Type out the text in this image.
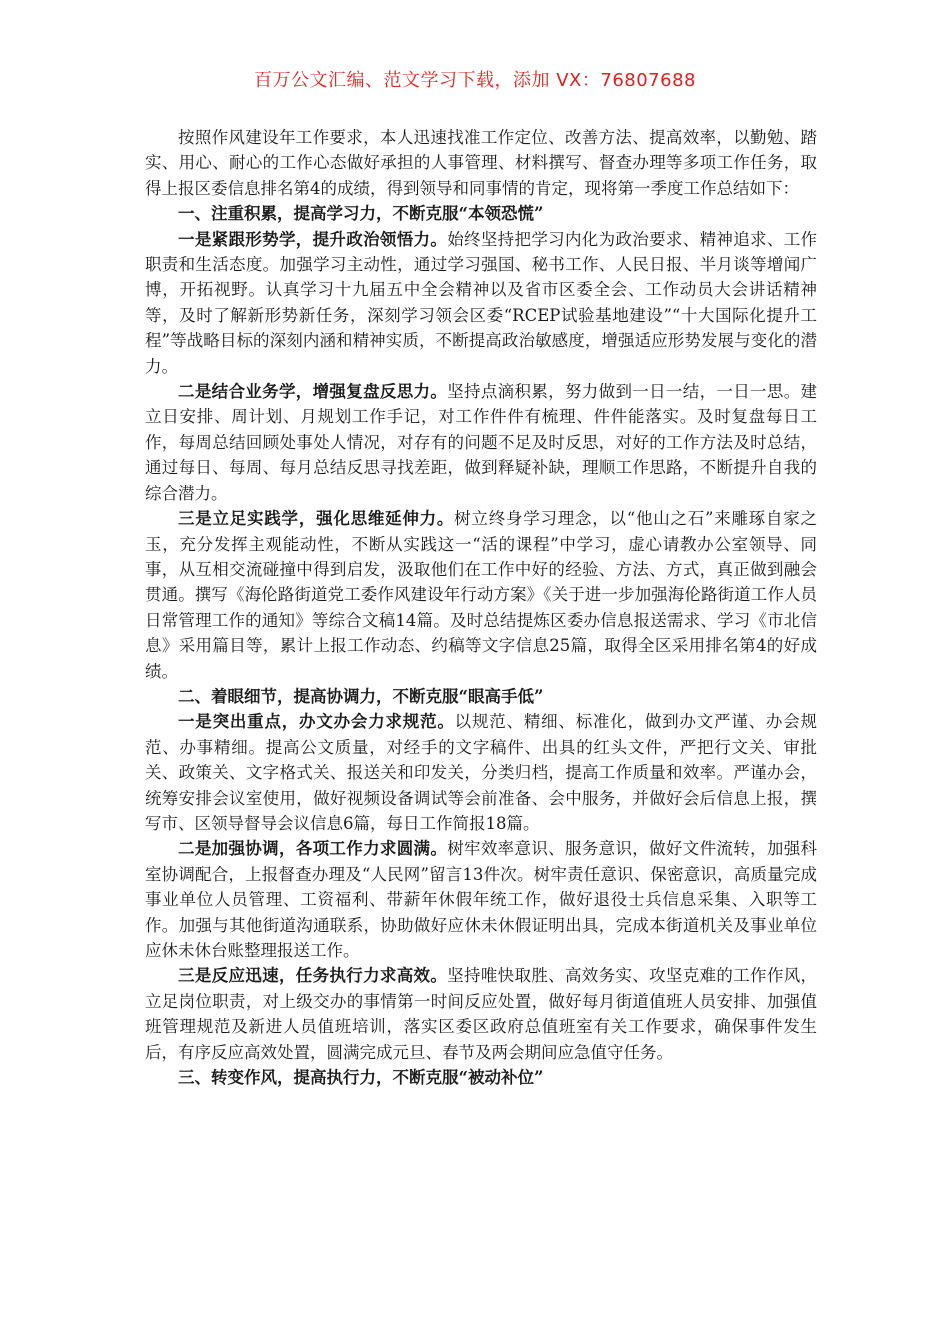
百万公文汇编、范文学习下载，添加 VX：76807688

按照作风建设年工作要求，本人迅速找准工作定位、改善方法、提高效率，以勤勉、踏实、用心、耐心的工作心态做好承担的人事管理、材料撰写、督查办理等多项工作任务，取得上报区委信息排名第4的成绩，得到领导和同事情的肯定，现将第一季度工作总结如下：

一、注重积累，提高学习力，不断克服“本领恐慌”

一是紧跟形势学，提升政治领悟力。始终坚持把学习内化为政治要求、精神追求、工作职责和生活态度。加强学习主动性，通过学习强国、秘书工作、人民日报、半月谈等增闻广博，开拓视野。认真学习十九届五中全会精神以及省市区委全会、工作动员大会讲话精神等，及时了解新形势新任务，深刻学习领会区委“RCEP试验基地建设”“十大国际化提升工程”等战略目标的深刻内涵和精神实质，不断提高政治敏感度，增强适应形势发展与变化的潜力。

二是结合业务学，增强复盘反思力。坚持点滴积累，努力做到一日一结，一日一思。建立日安排、周计划、月规划工作手记，对工作件件有梳理、件件能落实。及时复盘每日工作，每周总结回顾处事处人情况，对存有的问题不足及时反思，对好的工作方法及时总结，通过每日、每周、每月总结反思寻找差距，做到释疑补缺，理顺工作思路，不断提升自我的综合潜力。

三是立足实践学，强化思维延伸力。树立终身学习理念，以“他山之石”来雕琢自家之玉，充分发挥主观能动性，不断从实践这一“活的课程”中学习，虚心请教办公室领导、同事，从互相交流碰撞中得到启发，汲取他们在工作中好的经验、方法、方式，真正做到融会贯通。撰写《海伦路街道党工委作风建设年行动方案》《关于进一步加强海伦路街道工作人员日常管理工作的通知》等综合文稿14篇。及时总结提炼区委办信息报送需求、学习《市北信息》采用篇目等，累计上报工作动态、约稿等文字信息25篇，取得全区采用排名第4的好成绩。

二、着眼细节，提高协调力，不断克服“眼高手低”

一是突出重点，办文办会力求规范。以规范、精细、标准化，做到办文严谨、办会规范、办事精细。提高公文质量，对经手的文字稿件、出具的红头文件，严把行文关、审批关、政策关、文字格式关、报送关和印发关，分类归档，提高工作质量和效率。严谨办会，统筹安排会议室使用，做好视频设备调试等会前准备、会中服务，并做好会后信息上报，撰写市、区领导督导会议信息6篇，每日工作简报18篇。

二是加强协调，各项工作力求圆满。树牢效率意识、服务意识，做好文件流转，加强科室协调配合，上报督查办理及“人民网”留言13件次。树牢责任意识、保密意识，高质量完成事业单位人员管理、工资福利、带薪年休假年统工作，做好退役士兵信息采集、入职等工作。加强与其他街道沟通联系，协助做好应休未休假证明出具，完成本街道机关及事业单位应休未休台账整理报送工作。

三是反应迅速，任务执行力求高效。坚持唯快取胜、高效务实、攻坚克难的工作作风，立足岗位职责，对上级交办的事情第一时间反应处置，做好每月街道值班人员安排、加强值班管理规范及新进人员值班培训，落实区委区政府总值班室有关工作要求，确保事件发生后，有序反应高效处置，圆满完成元旦、春节及两会期间应急值守任务。

三、转变作风，提高执行力，不断克服“被动补位”
